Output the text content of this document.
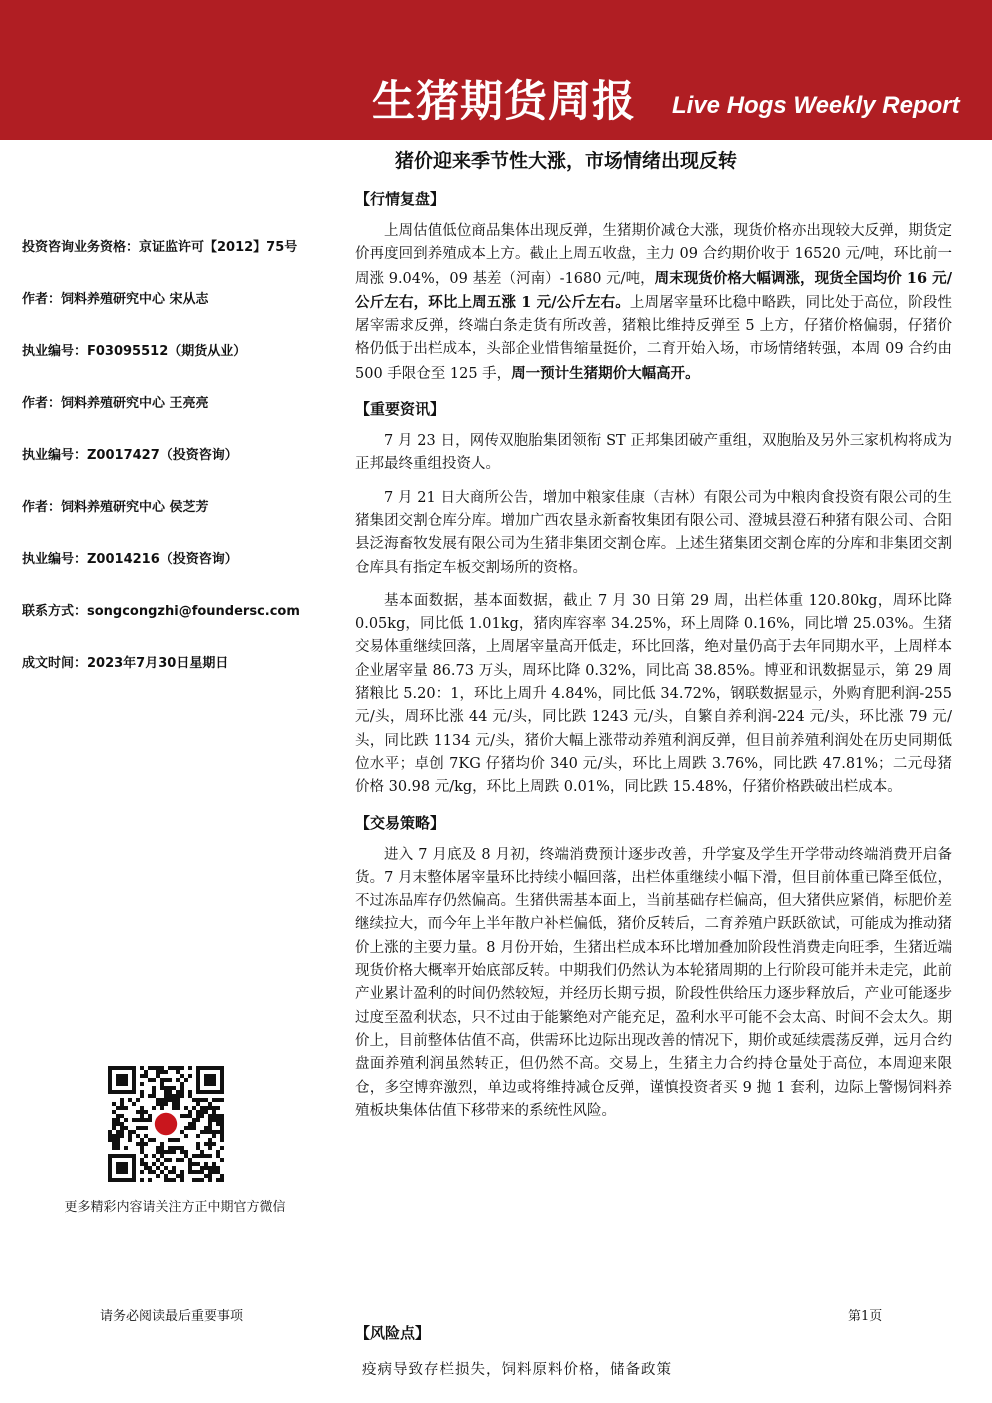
生猪期货周报 Live Hogs Weekly Report
猪价迎来季节性大涨，市场情绪出现反转
投资咨询业务资格：京证监许可【2012】75号
作者：饲料养殖研究中心 宋从志
执业编号：F03095512（期货从业）
作者：饲料养殖研究中心 王亮亮
执业编号：Z0017427（投资咨询）
作者：饲料养殖研究中心 侯芝芳
执业编号：Z0014216（投资咨询）
联系方式：songcongzhi@foundersc.com
成文时间：2023年7月30日星期日
【行情复盘】

上周估值低位商品集体出现反弹，生猪期价减仓大涨，现货价格亦出现较大反弹，期货定价再度回到养殖成本上方。截止上周五收盘，主力 09 合约期价收于 16520 元/吨，环比前一周涨 9.04%，09 基差（河南）-1680 元/吨，周末现货价格大幅调涨，现货全国均价 16 元/公斤左右，环比上周五涨 1 元/公斤左右。上周屠宰量环比稳中略跌，同比处于高位，阶段性屠宰需求反弹，终端白条走货有所改善，猪粮比维持反弹至 5 上方，仔猪价格偏弱，仔猪价格仍低于出栏成本，头部企业惜售缩量挺价，二育开始入场，市场情绪转强，本周 09 合约由 500 手限仓至 125 手，周一预计生猪期价大幅高开。

【重要资讯】

7 月 23 日，网传双胞胎集团领衔 ST 正邦集团破产重组，双胞胎及另外三家机构将成为正邦最终重组投资人。

7 月 21 日大商所公告，增加中粮家佳康（吉林）有限公司为中粮肉食投资有限公司的生猪集团交割仓库分库。增加广西农垦永新畜牧集团有限公司、澄城县澄石种猪有限公司、合阳县泛海畜牧发展有限公司为生猪非集团交割仓库。上述生猪集团交割仓库的分库和非集团交割仓库具有指定车板交割场所的资格。

基本面数据，基本面数据，截止 7 月 30 日第 29 周，出栏体重 120.80kg，周环比降 0.05kg，同比低 1.01kg，猪肉库容率 34.25%，环上周降 0.16%，同比增 25.03%。生猪交易体重继续回落，上周屠宰量高开低走，环比回落，绝对量仍高于去年同期水平，上周样本企业屠宰量 86.73 万头，周环比降 0.32%，同比高 38.85%。博亚和讯数据显示，第 29 周猪粮比 5.20：1，环比上周升 4.84%，同比低 34.72%，钢联数据显示，外购育肥利润-255 元/头，周环比涨 44 元/头，同比跌 1243 元/头，自繁自养利润-224 元/头，环比涨 79 元/头，同比跌 1134 元/头，猪价大幅上涨带动养殖利润反弹，但目前养殖利润处在历史同期低位水平；卓创 7KG 仔猪均价 340 元/头，环比上周跌 3.76%，同比跌 47.81%；二元母猪价格 30.98 元/kg，环比上周跌 0.01%，同比跌 15.48%，仔猪价格跌破出栏成本。

【交易策略】

进入 7 月底及 8 月初，终端消费预计逐步改善，升学宴及学生开学带动终端消费开启备货。7 月末整体屠宰量环比持续小幅回落，出栏体重继续小幅下滑，但目前体重已降至低位，不过冻品库存仍然偏高。生猪供需基本面上，当前基础存栏偏高，但大猪供应紧俏，标肥价差继续拉大，而今年上半年散户补栏偏低，猪价反转后，二育养殖户跃跃欲试，可能成为推动猪价上涨的主要力量。8 月份开始，生猪出栏成本环比增加叠加阶段性消费走向旺季，生猪近端现货价格大概率开始底部反转。中期我们仍然认为本轮猪周期的上行阶段可能并未走完，此前产业累计盈利的时间仍然较短，并经历长期亏损，阶段性供给压力逐步释放后，产业可能逐步过度至盈利状态，只不过由于能繁绝对产能充足，盈利水平可能不会太高、时间不会太久。期价上，目前整体估值不高，供需环比边际出现改善的情况下，期价或延续震荡反弹，远月合约盘面养殖利润虽然转正，但仍然不高。交易上，生猪主力合约持仓量处于高位，本周迎来限仓，多空博弈激烈，单边或将维持减仓反弹，谨慎投资者买 9 抛 1 套利，边际上警惕饲料养殖板块集体估值下移带来的系统性风险。

更多精彩内容请关注方正中期官方微信
请务必阅读最后重要事项	第1页
【风险点】
疫病导致存栏损失，饲料原料价格，储备政策
